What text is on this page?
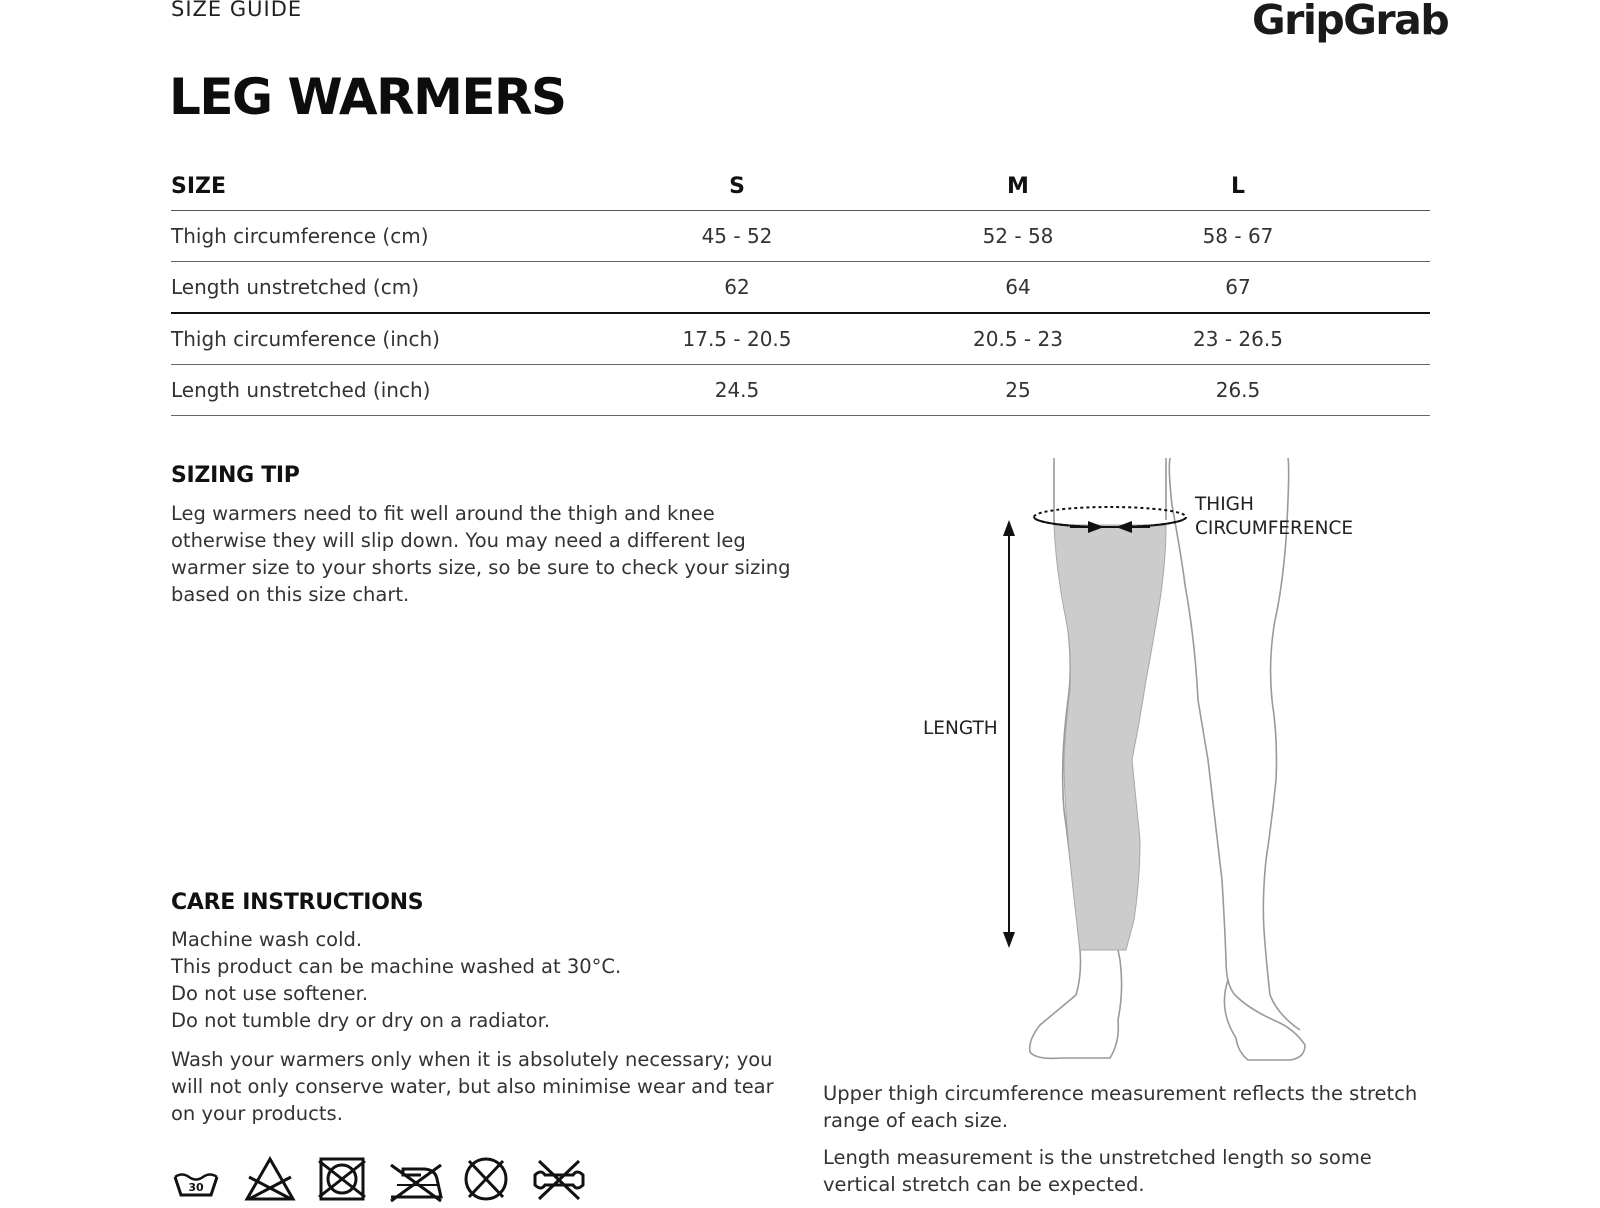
SIZE GUIDE	GripGrab
LEG WARMERS
SIZE	S	M	L	
Thigh circumference (cm)	45 - 52	52 - 58	58 - 67	
Length unstretched (cm)	62	64	67	
Thigh circumference (inch)	17.5 - 20.5	20.5 - 23	23 - 26.5	
Length unstretched (inch)	24.5	25	26.5	
SIZING TIP
Leg warmers need to fit well around the thigh and knee otherwise they will slip down. You may need a different leg warmer size to your shorts size, so be sure to check your sizing based on this size chart.
CARE INSTRUCTIONS
Machine wash cold.
This product can be machine washed at 30°C.
Do not use softener.
Do not tumble dry or dry on a radiator.
Wash your warmers only when it is absolutely necessary; you will not only conserve water, but also minimise wear and tear on your products.
30
THIGH
CIRCUMFERENCE
LENGTH
Upper thigh circumference measurement reflects the stretch range of each size.
Length measurement is the unstretched length so some vertical stretch can be expected.
